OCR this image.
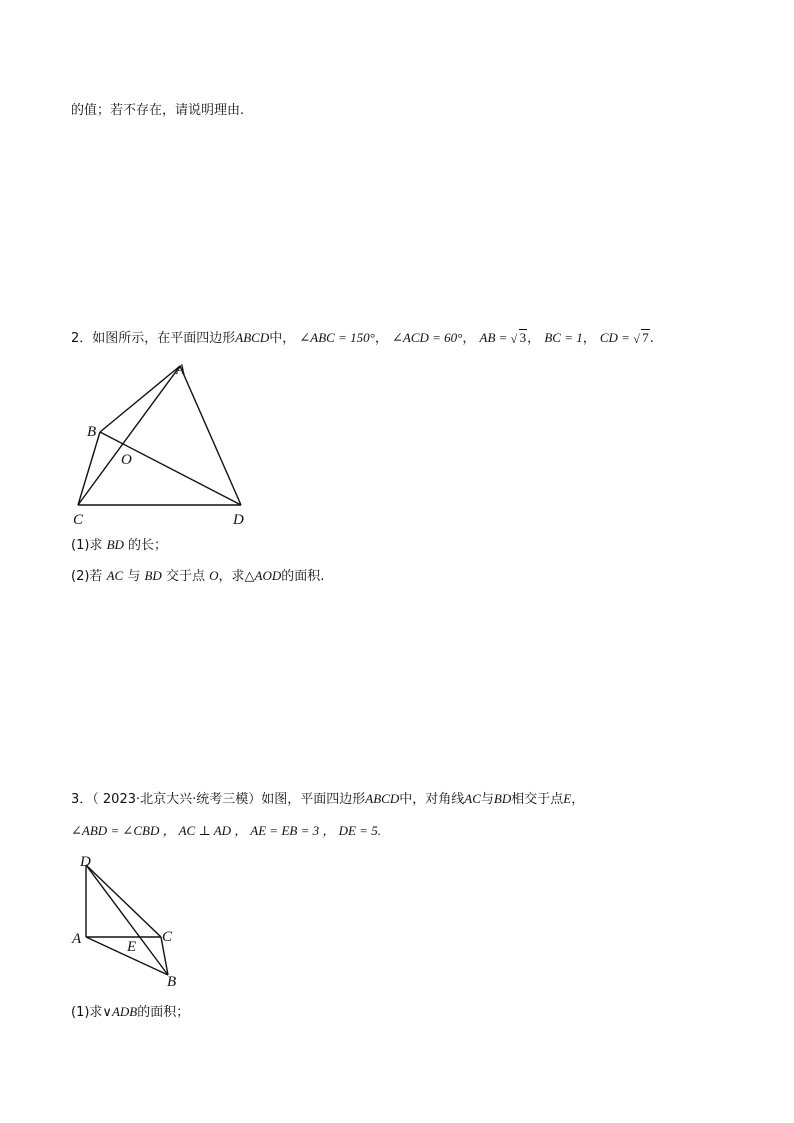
的值；若不存在，请说明理由.
2．如图所示，在平面四边形ABCD中， ∠ABC = 150°， ∠ACD = 60°， AB = √ 3， BC = 1， CD = √ 7.
A
B
C	D
O
(1)求 BD 的长；
(2)若 AC 与 BD 交于点 O，求△AOD的面积.
3．（ 2023·北京大兴·统考三模）如图，平面四边形ABCD中，对角线AC与BD相交于点E，
∠ABD = ∠CBD ， AC ⊥ AD ， AE = EB = 3 ， DE = 5.
D
A	C
E
B
(1)求∨ADB的面积；
